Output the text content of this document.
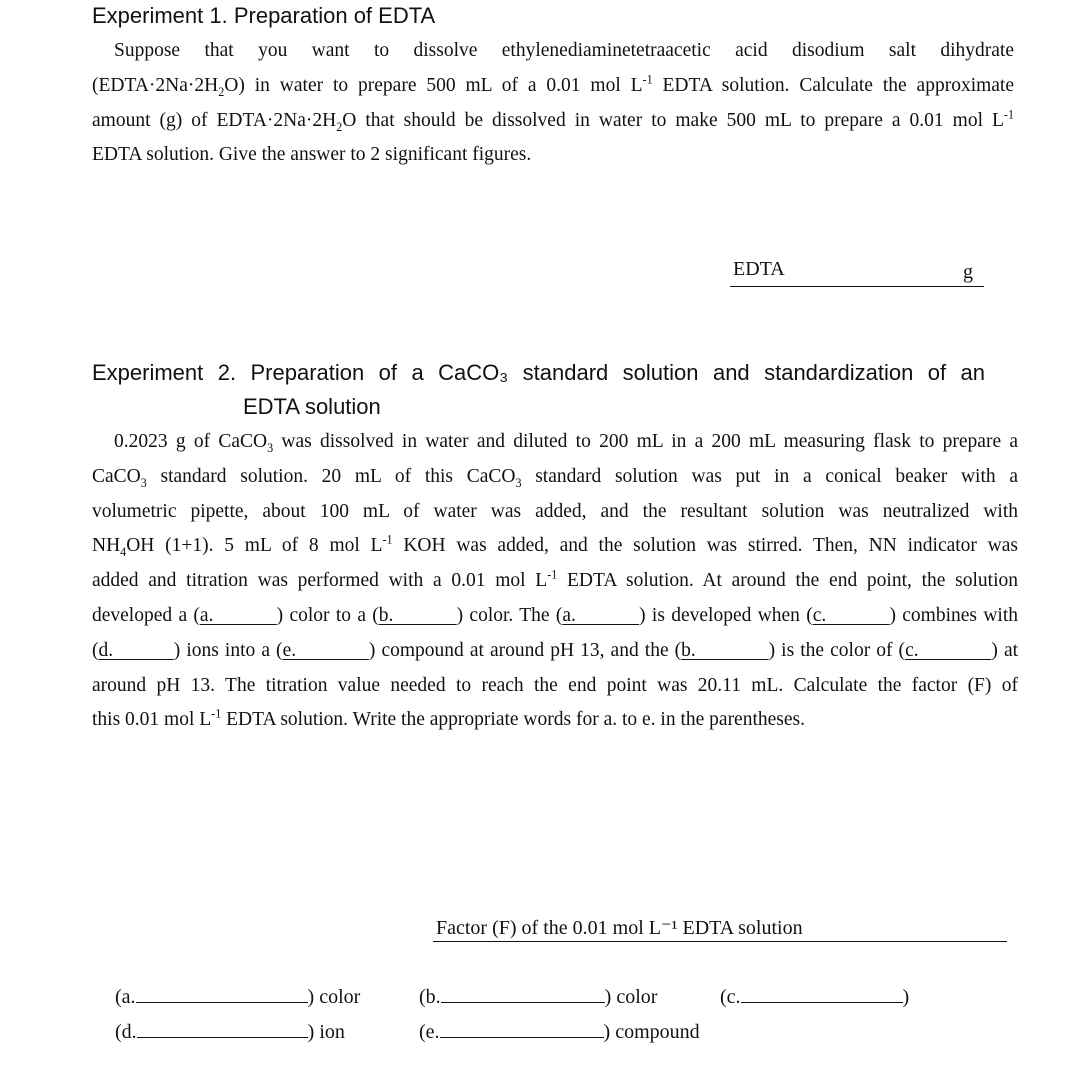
Experiment 1. Preparation of EDTA
Suppose that you want to dissolve ethylenediaminetetraacetic acid disodium salt dihydrate
$(EDTA\cdot 2Na\cdot 2H_2O)$ in water to prepare 500 mL of a 0.01 mol $L^{-1}$ EDTA solution. Calculate the approximate
amount (g) of $EDTA\cdot 2Na\cdot 2H_2O$ that should be dissolved in water to make 500 mL to prepare a 0.01 mol $L^{-1}$
EDTA solution. Give the answer to 2 significant figures.
EDTA	g
Experiment 2. Preparation of a CaCO₃ standard solution and standardization of an
EDTA solution
0.2023 g of CaCO$_3$ was dissolved in water and diluted to 200 mL in a 200 mL measuring flask to prepare a
CaCO$_3$ standard solution. 20 mL of this CaCO$_3$ standard solution was put in a conical beaker with a
volumetric pipette, about 100 mL of water was added, and the resultant solution was neutralized with
$NH_4OH$ (1+1). 5 mL of 8 mol $L^{-1}$ KOH was added, and the solution was stirred. Then, NN indicator was
added and titration was performed with a 0.01 mol $L^{-1}$ EDTA solution. At around the end point, the solution
developed a (a.          ) color to a (b.          ) color. The (a.          ) is developed when (c.          ) combines with
(d.          ) ions into a (e.            ) compound at around pH 13, and the (b.            ) is the color of (c.            ) at
around pH 13. The titration value needed to reach the end point was 20.11 mL. Calculate the factor (F) of
this 0.01 mol $L^{-1}$ EDTA solution. Write the appropriate words for a. to e. in the parentheses.
Factor (F) of the 0.01 mol L⁻¹ EDTA solution
(a.	) color	(b.	) color	(c.	)
(d.	) ion	(e.	) compound
